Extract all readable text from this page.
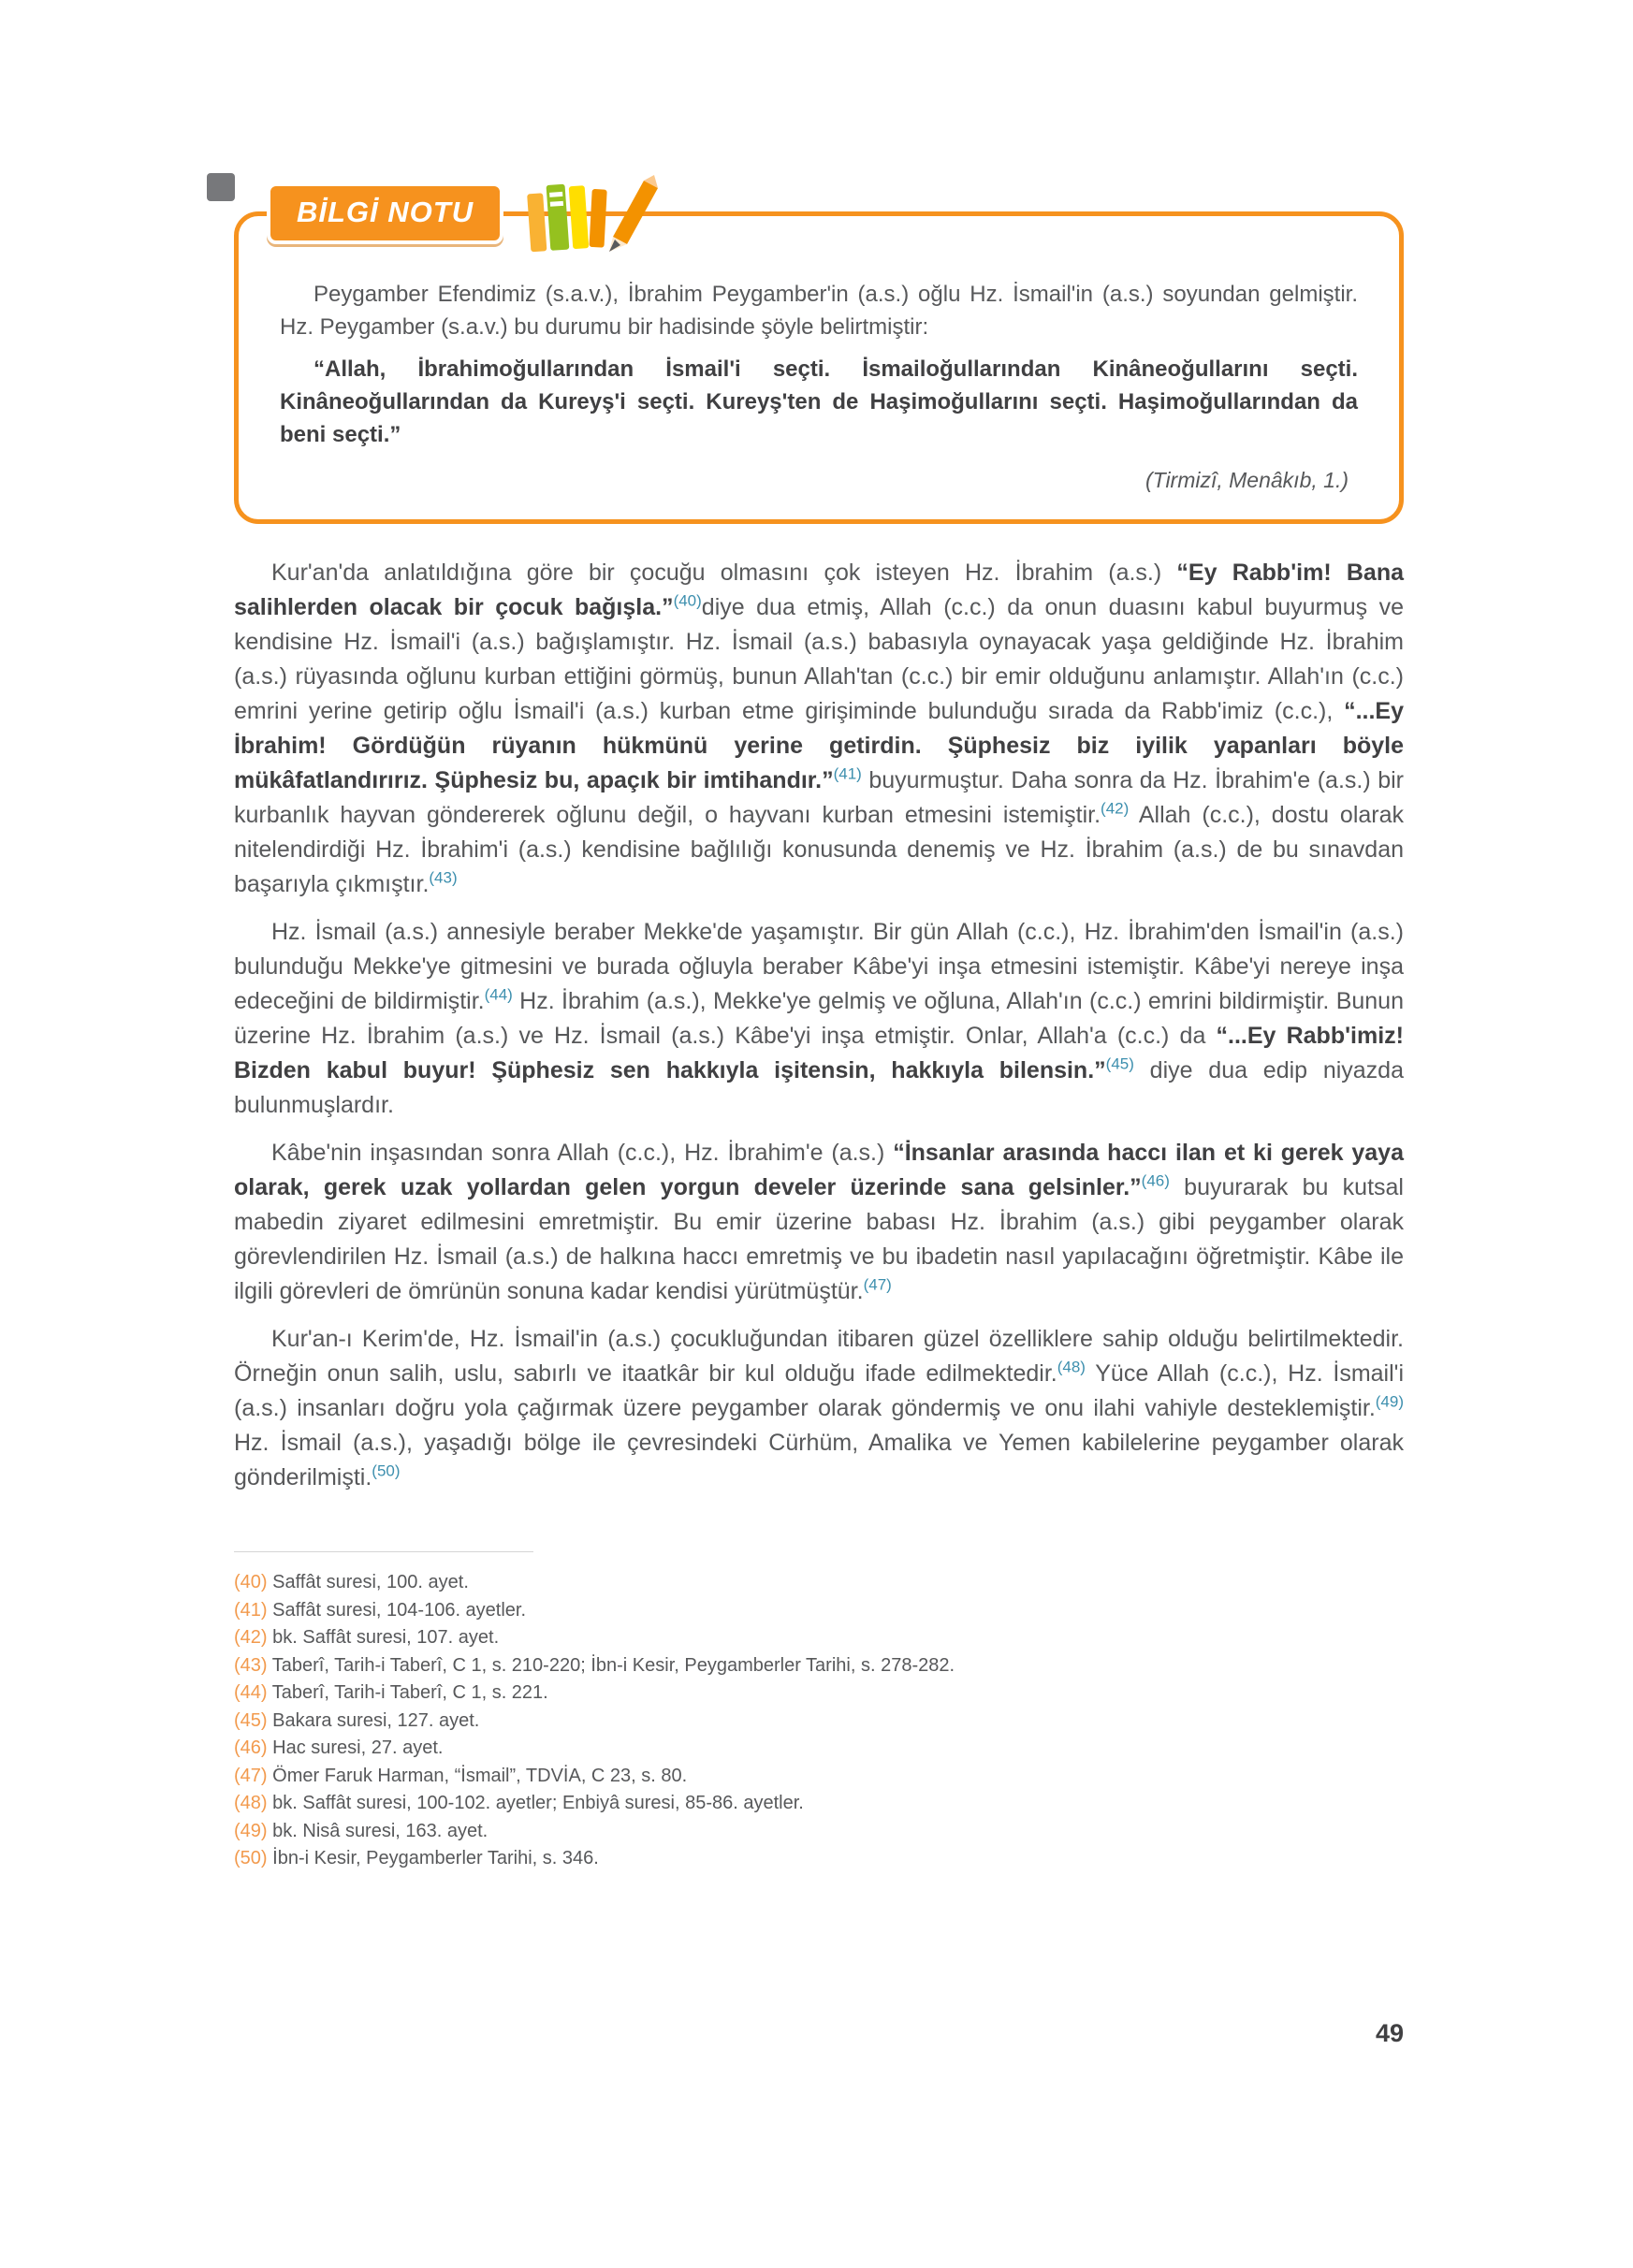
BİLGİ NOTU

Peygamber Efendimiz (s.a.v.), İbrahim Peygamber'in (a.s.) oğlu Hz. İsmail'in (a.s.) soyundan gelmiştir. Hz. Peygamber (s.a.v.) bu durumu bir hadisinde şöyle belirtmiştir:

“Allah, İbrahimoğullarından İsmail'i seçti. İsmailoğullarından Kinâneoğullarını seçti. Kinâneoğullarından da Kureyş'i seçti. Kureyş'ten de Haşimoğullarını seçti. Haşimoğullarından da beni seçti.”

(Tirmizî, Menâkıb, 1.)

Kur'an'da anlatıldığına göre bir çocuğu olmasını çok isteyen Hz. İbrahim (a.s.) “Ey Rabb'im! Bana salihlerden olacak bir çocuk bağışla.”$^{(40)}$diye dua etmiş, Allah (c.c.) da onun duasını kabul buyurmuş ve kendisine Hz. İsmail'i (a.s.) bağışlamıştır. Hz. İsmail (a.s.) babasıyla oynayacak yaşa geldiğinde Hz. İbrahim (a.s.) rüyasında oğlunu kurban ettiğini görmüş, bunun Allah'tan (c.c.) bir emir olduğunu anlamıştır. Allah'ın (c.c.) emrini yerine getirip oğlu İsmail'i (a.s.) kurban etme girişiminde bulunduğu sırada da Rabb'imiz (c.c.), “...Ey İbrahim! Gördüğün rüyanın hükmünü yerine getirdin. Şüphesiz biz iyilik yapanları böyle mükâfatlandırırız. Şüphesiz bu, apaçık bir imtihandır.”$^{(41)}$ buyurmuştur. Daha sonra da Hz. İbrahim'e (a.s.) bir kurbanlık hayvan göndererek oğlunu değil, o hayvanı kurban etmesini istemiştir.$^{(42)}$ Allah (c.c.), dostu olarak nitelendirdiği Hz. İbrahim'i (a.s.) kendisine bağlılığı konusunda denemiş ve Hz. İbrahim (a.s.) de bu sınavdan başarıyla çıkmıştır.$^{(43)}$

Hz. İsmail (a.s.) annesiyle beraber Mekke'de yaşamıştır. Bir gün Allah (c.c.), Hz. İbrahim'den İsmail'in (a.s.) bulunduğu Mekke'ye gitmesini ve burada oğluyla beraber Kâbe'yi inşa etmesini istemiştir. Kâbe'yi nereye inşa edeceğini de bildirmiştir.$^{(44)}$ Hz. İbrahim (a.s.), Mekke'ye gelmiş ve oğluna, Allah'ın (c.c.) emrini bildirmiştir. Bunun üzerine Hz. İbrahim (a.s.) ve Hz. İsmail (a.s.) Kâbe'yi inşa etmiştir. Onlar, Allah'a (c.c.) da “...Ey Rabb'imiz! Bizden kabul buyur! Şüphesiz sen hakkıyla işitensin, hakkıyla bilensin.”$^{(45)}$ diye dua edip niyazda bulunmuşlardır.

Kâbe'nin inşasından sonra Allah (c.c.), Hz. İbrahim'e (a.s.) “İnsanlar arasında haccı ilan et ki gerek yaya olarak, gerek uzak yollardan gelen yorgun develer üzerinde sana gelsinler.”$^{(46)}$ buyurarak bu kutsal mabedin ziyaret edilmesini emretmiştir. Bu emir üzerine babası Hz. İbrahim (a.s.) gibi peygamber olarak görevlendirilen Hz. İsmail (a.s.) de halkına haccı emretmiş ve bu ibadetin nasıl yapılacağını öğretmiştir. Kâbe ile ilgili görevleri de ömrünün sonuna kadar kendisi yürütmüştür.$^{(47)}$

Kur'an-ı Kerim'de, Hz. İsmail'in (a.s.) çocukluğundan itibaren güzel özelliklere sahip olduğu belirtilmektedir. Örneğin onun salih, uslu, sabırlı ve itaatkâr bir kul olduğu ifade edilmektedir.$^{(48)}$ Yüce Allah (c.c.), Hz. İsmail'i (a.s.) insanları doğru yola çağırmak üzere peygamber olarak göndermiş ve onu ilahi vahiyle desteklemiştir.$^{(49)}$ Hz. İsmail (a.s.), yaşadığı bölge ile çevresindeki Cürhüm, Amalika ve Yemen kabilelerine peygamber olarak gönderilmişti.$^{(50)}$

(40) Saffât suresi, 100. ayet.
(41) Saffât suresi, 104-106. ayetler.
(42) bk. Saffât suresi, 107. ayet.
(43) Taberî, Tarih-i Taberî, C 1, s. 210-220; İbn-i Kesir, Peygamberler Tarihi, s. 278-282.
(44) Taberî, Tarih-i Taberî, C 1, s. 221.
(45) Bakara suresi, 127. ayet.
(46) Hac suresi, 27. ayet.
(47) Ömer Faruk Harman, “İsmail”, TDVİA, C 23, s. 80.
(48) bk. Saffât suresi, 100-102. ayetler; Enbiyâ suresi, 85-86. ayetler.
(49) bk. Nisâ suresi, 163. ayet.
(50) İbn-i Kesir, Peygamberler Tarihi, s. 346.
49
